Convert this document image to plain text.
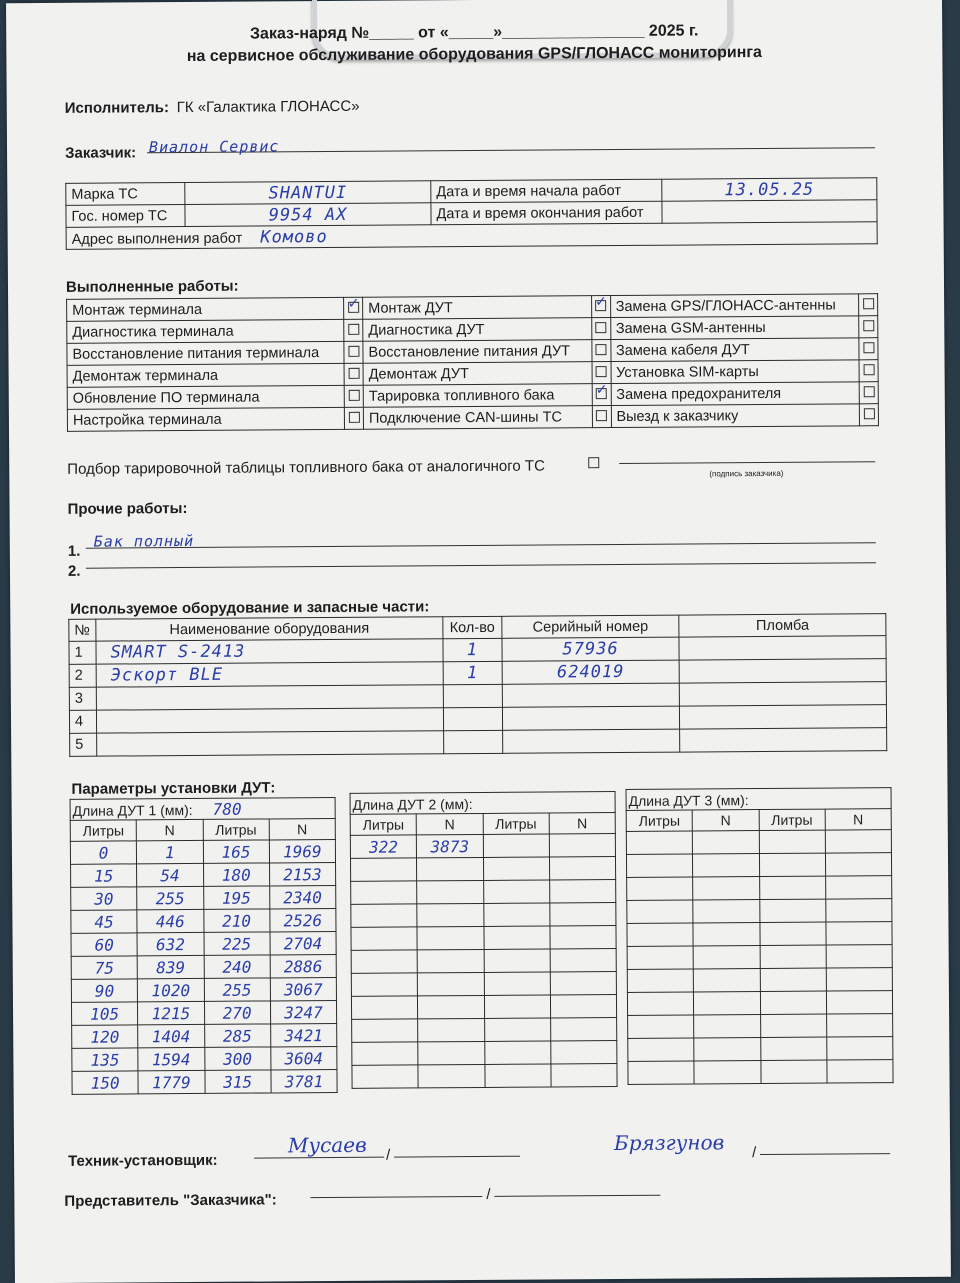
Заказ-наряд №_____ от «_____»________________ 2025 г.
на сервисное обслуживание оборудования GPS/ГЛОНАСС мониторинга
Исполнитель: ГК «Галактика ГЛОНАСС»
Заказчик: Виалон Сервис
Марка ТС	SHANTUI	Дата и время начала работ	13.05.25
Гос. номер ТС	9954 АХ	Дата и время окончания работ	
Адрес выполнения работ Комово			
Выполненные работы:
Монтаж терминала	✓	Монтаж ДУТ	✓	Замена GPS/ГЛОНАСС-антенны	
Диагностика терминала		Диагностика ДУТ		Замена GSM-антенны	
Восстановление питания терминала		Восстановление питания ДУТ		Замена кабеля ДУТ	
Демонтаж терминала		Демонтаж ДУТ		Установка SIM-карты	
Обновление ПО терминала		Тарировка топливного бака	✓	Замена предохранителя	
Настройка терминала		Подключение CAN-шины ТС		Выезд к заказчику	
Подбор тарировочной таблицы топливного бака от аналогичного ТС	(подпись заказчика)
Прочие работы:
1.
Бак полный
2.
Используемое оборудование и запасные части:
№	Наименование оборудования	Кол-во	Серийный номер	Пломба
1	SMART S-2413	1	57936	
2	Эскорт BLE	1	624019	
3				
4				
5				
Параметры установки ДУТ:
Длина ДУТ 1 (мм): 780			
Литры	N	Литры	N
0	1	165	1969
15	54	180	2153
30	255	195	2340
45	446	210	2526
60	632	225	2704
75	839	240	2886
90	1020	255	3067
105	1215	270	3247
120	1404	285	3421
135	1594	300	3604
150	1779	315	3781
Длина ДУТ 2 (мм):			
Литры	N	Литры	N
322	3873		

Длина ДУТ 3 (мм):			
Литры	N	Литры	N

Техник-установщик:
Мусаев /
Брязгунов /
Представитель "Заказчика":	/
